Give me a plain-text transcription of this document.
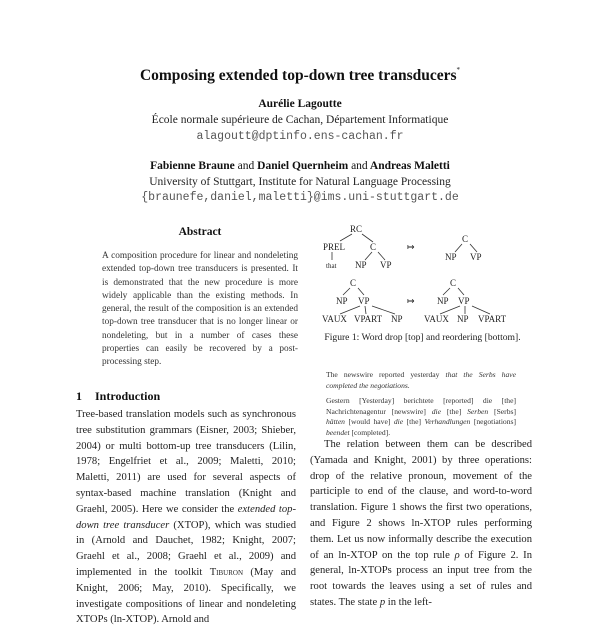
Composing extended top-down tree transducers*
Aurélie Lagoutte
École normale supérieure de Cachan, Département Informatique
alagoutt@dptinfo.ens-cachan.fr
Fabienne Braune and Daniel Quernheim and Andreas Maletti
University of Stuttgart, Institute for Natural Language Processing
{braunefe,daniel,maletti}@ims.uni-stuttgart.de
Abstract
A composition procedure for linear and nondeleting extended top-down tree transducers is presented. It is demonstrated that the new procedure is more widely applicable than the existing methods. In general, the result of the composition is an extended top-down tree transducer that is no longer linear or nondeleting, but in a number of cases these properties can easily be recovered by a post-processing step.
1 Introduction

Tree-based translation models such as synchronous tree substitution grammars (Eisner, 2003; Shieber, 2004) or multi bottom-up tree transducers (Lilin, 1978; Engelfriet et al., 2009; Maletti, 2010; Maletti, 2011) are used for several aspects of syntax-based machine translation (Knight and Graehl, 2005). Here we consider the extended top-down tree transducer (XTOP), which was studied in (Arnold and Dauchet, 1982; Knight, 2007; Graehl et al., 2008; Graehl et al., 2009) and implemented in the toolkit Tiburon (May and Knight, 2006; May, 2010). Specifically, we investigate compositions of linear and nondeleting XTOPs (ln-XTOP). Arnold and

RC
PREL	C
that NP VP
↦
C
NP VP
C
NP VP
VAUX VPART NP
↦
C
NP VP
VAUX NP VPART
Figure 1: Word drop [top] and reordering [bottom].

The newswire reported yesterday that the Serbs have completed the negotiations.

Gestern [Yesterday] berichtete [reported] die [the] Nachrichtenagentur [newswire] die [the] Serben [Serbs] hätten [would have] die [the] Verhandlungen [negotiations] beendet [completed].

The relation between them can be described (Yamada and Knight, 2001) by three operations: drop of the relative pronoun, movement of the participle to end of the clause, and word-to-word translation. Figure 1 shows the first two operations, and Figure 2 shows ln-XTOP rules performing them. Let us now informally describe the execution of an ln-XTOP on the top rule ρ of Figure 2. In general, ln-XTOPs process an input tree from the root towards the leaves using a set of rules and states. The state p in the left-
